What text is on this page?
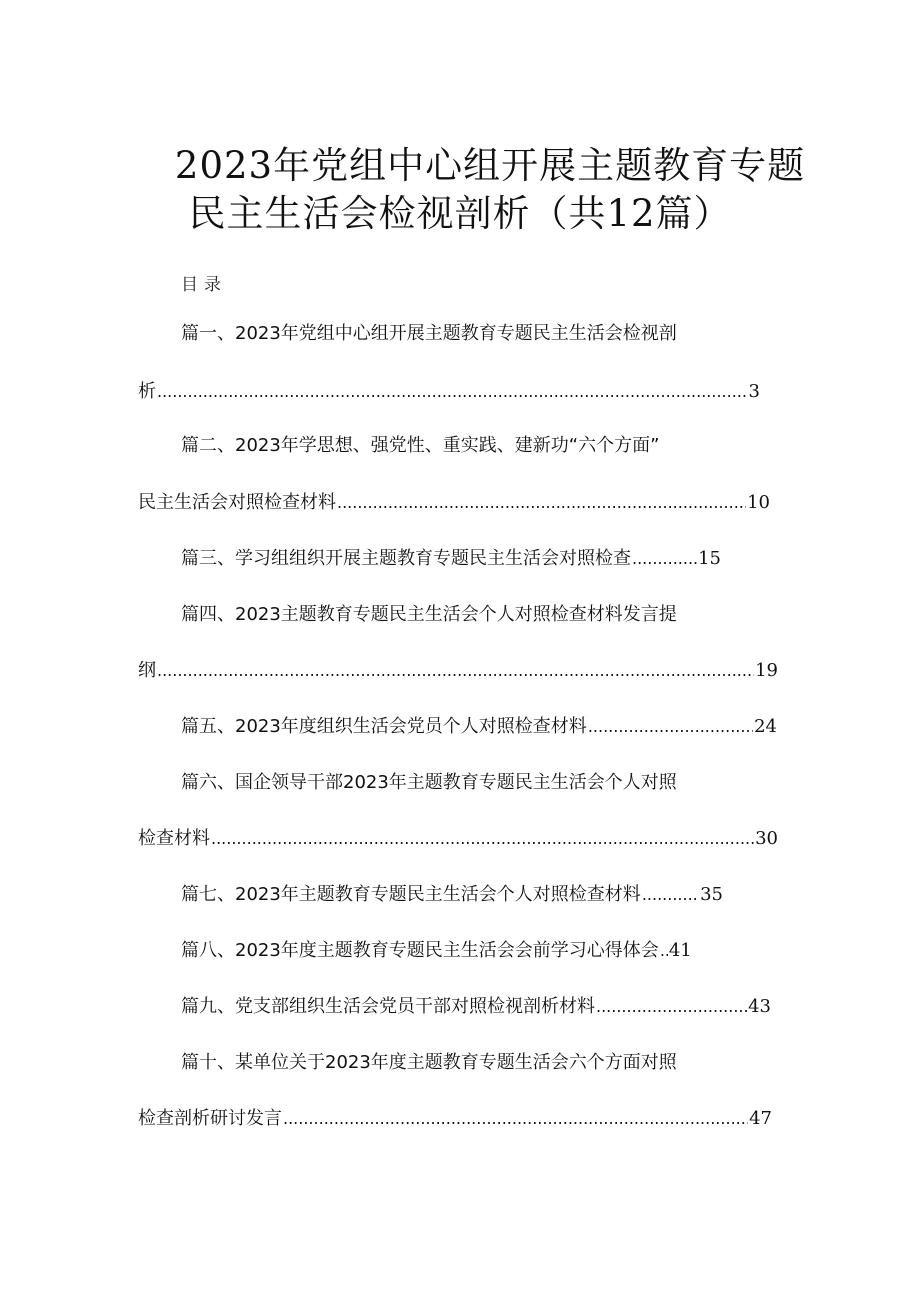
2023年党组中心组开展主题教育专题
民主生活会检视剖析（共12篇）
目录
篇一、2023年党组中心组开展主题教育专题民主生活会检视剖
析 .....	3
篇二、2023年学思想、强党性、重实践、建新功“六个方面”
民主生活会对照检查材料 .....	10
篇三、学习组组织开展主题教育专题民主生活会对照检查 .....	15
篇四、2023主题教育专题民主生活会个人对照检查材料发言提
纲 .....	19
篇五、2023年度组织生活会党员个人对照检查材料 .....	24
篇六、国企领导干部2023年主题教育专题民主生活会个人对照
检查材料 .....	30
篇七、2023年主题教育专题民主生活会个人对照检查材料 .....	35
篇八、2023年度主题教育专题民主生活会会前学习心得体会 ..... 41
篇九、党支部组织生活会党员干部对照检视剖析材料 .....	43
篇十、某单位关于2023年度主题教育专题生活会六个方面对照
检查剖析研讨发言 .....	47
